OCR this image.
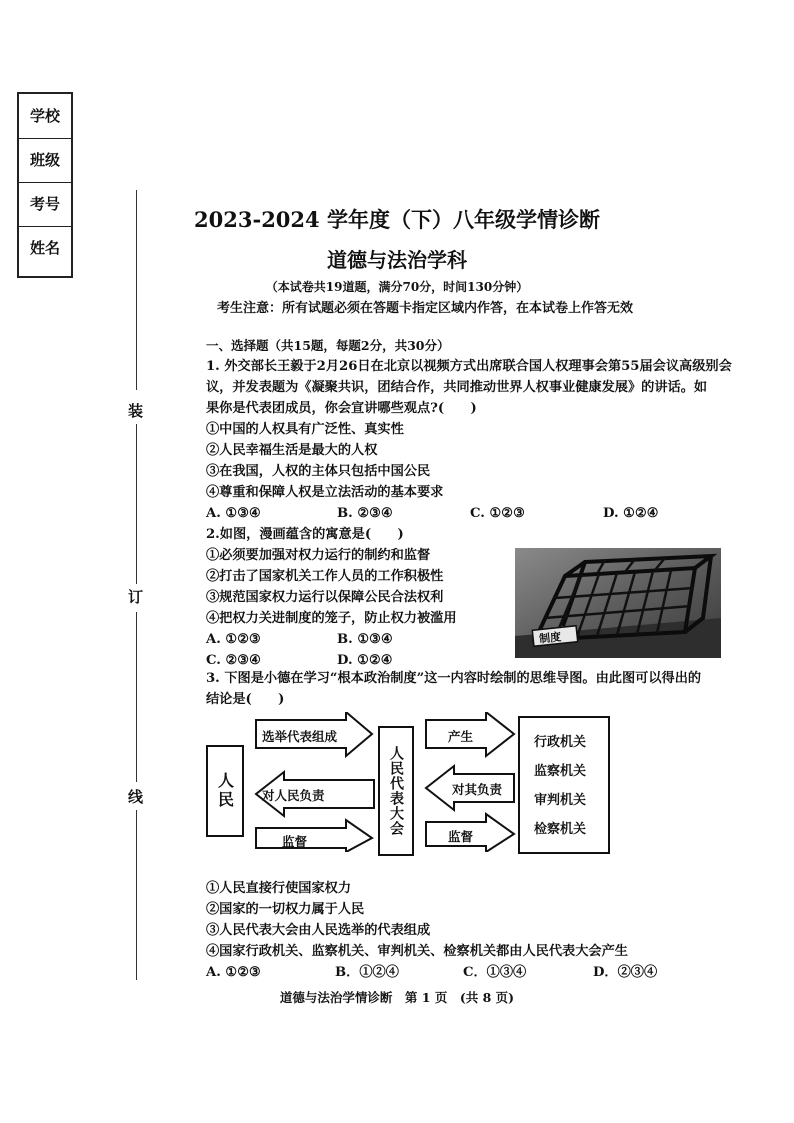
学校
班级
考号
姓名
装
订
线
2023-2024 学年度（下）八年级学情诊断
道德与法治学科
（本试卷共19道题，满分70分，时间130分钟）
考生注意：所有试题必须在答题卡指定区域内作答，在本试卷上作答无效
一、选择题（共15题，每题2分，共30分）
1. 外交部长王毅于2月26日在北京以视频方式出席联合国人权理事会第55届会议高级别会
议，并发表题为《凝聚共识，团结合作，共同推动世界人权事业健康发展》的讲话。如
果你是代表团成员，你会宣讲哪些观点?(　　)
①中国的人权具有广泛性、真实性
②人民幸福生活是最大的人权
③在我国，人权的主体只包括中国公民
④尊重和保障人权是立法活动的基本要求
A. ①③④	B. ②③④	C. ①②③	D. ①②④
2.如图，漫画蕴含的寓意是(　　)
①必须要加强对权力运行的制约和监督
②打击了国家机关工作人员的工作积极性
③规范国家权力运行以保障公民合法权利
④把权力关进制度的笼子，防止权力被滥用
A. ①②③	B. ①③④
C. ②③④	D. ①②④
制度
3. 下图是小德在学习“根本政治制度”这一内容时绘制的思维导图。由此图可以得出的
结论是(　　)
人民
选举代表组成
对人民负责
监督
人民代表大会
产生
对其负责
监督
行政机关
监察机关
审判机关
检察机关
①人民直接行使国家权力
②国家的一切权力属于人民
③人民代表大会由人民选举的代表组成
④国家行政机关、监察机关、审判机关、检察机关都由人民代表大会产生
A. ①②③	B．①②④	C．①③④	D．②③④
道德与法治学情诊断　第 1 页　(共 8 页)
